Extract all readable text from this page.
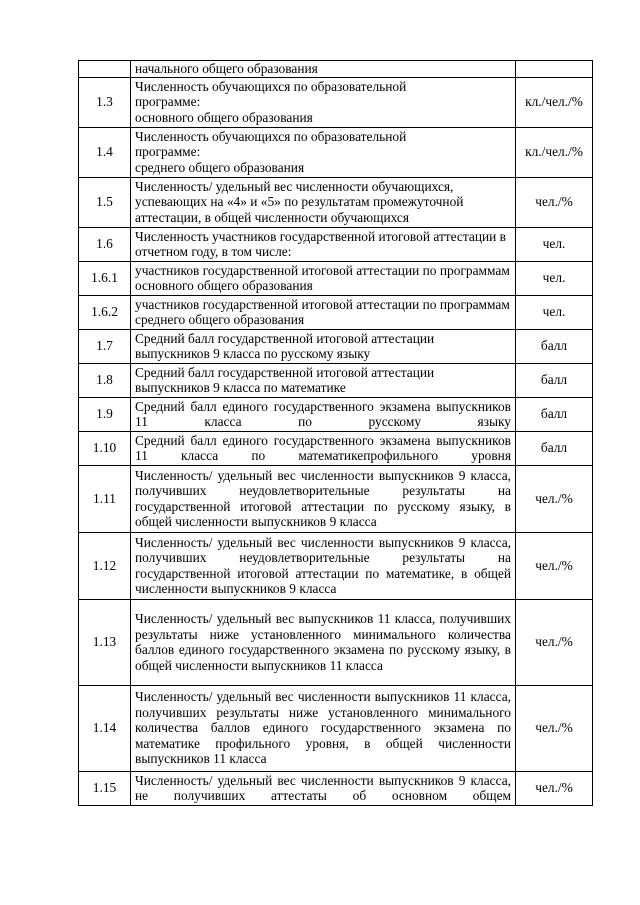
	начального общего образования	

1.3	Численность обучающихся по образовательной
программе:
основного общего образования	кл./чел./%
1.4	Численность обучающихся по образовательной
программе:
среднего общего образования	кл./чел./%
1.5	Численность/ удельный вес численности обучающихся, успевающих на «4» и «5» по результатам промежуточной аттестации, в общей численности обучающихся	чел./%
1.6	Численность участников государственной итоговой аттестации в отчетном году, в том числе:	чел.
1.6.1	участников государственной итоговой аттестации по программам основного общего образования	чел.
1.6.2	участников государственной итоговой аттестации по программам среднего общего образования	чел.
1.7	Средний балл государственной итоговой аттестации выпускников 9 класса по русскому языку	балл
1.8	Средний балл государственной итоговой аттестации выпускников 9 класса по математике	балл
1.9	Средний балл единого государственного экзамена выпускников 11 класса по русскому языку	балл
1.10	Средний балл единого государственного экзамена выпускников 11 класса по математикепрофильного уровня	балл
1.11	Численность/ удельный вес численности выпускников 9 класса, получивших неудовлетворительные результаты на государственной итоговой аттестации по русскому языку, в общей численности выпускников 9 класса	чел./%
1.12	Численность/ удельный вес численности выпускников 9 класса, получивших неудовлетворительные результаты на государственной итоговой аттестации по математике, в общей численности выпускников 9 класса	чел./%
1.13	Численность/ удельный вес выпускников 11 класса, получивших результаты ниже установленного минимального количества баллов единого государственного экзамена по русскому языку, в общей численности выпускников 11 класса	чел./%
1.14	Численность/ удельный вес численности выпускников 11 класса, получивших результаты ниже установленного минимального количества баллов единого государственного экзамена по математике профильного уровня, в общей численности выпускников 11 класса	чел./%
1.15	Численность/ удельный вес численности выпускников 9 класса, не получивших аттестаты об основном общем	чел./%
